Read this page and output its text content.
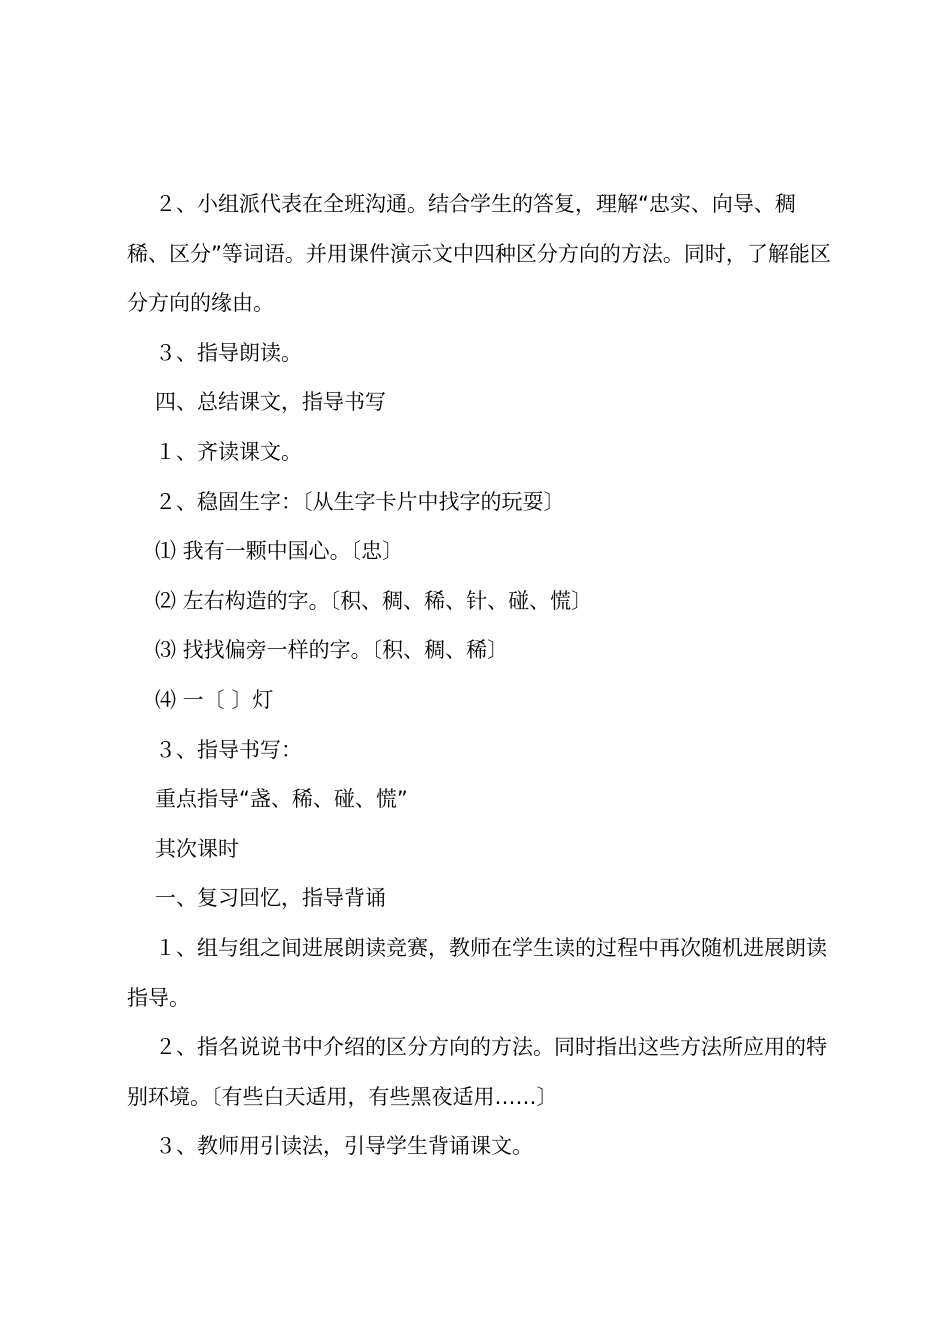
２、小组派代表在全班沟通。结合学生的答复，理解“忠实、向导、稠稀、区分”等词语。并用课件演示文中四种区分方向的方法。同时，了解能区分方向的缘由。

３、指导朗读。

四、总结课文，指导书写

１、齐读课文。

２、稳固生字：〔从生字卡片中找字的玩耍〕

⑴ 我有一颗中国心。〔忠〕

⑵ 左右构造的字。〔积、稠、稀、针、碰、慌〕

⑶ 找找偏旁一样的字。〔积、稠、稀〕

⑷ 一〔 〕灯

３、指导书写：

重点指导“盏、稀、碰、慌”

其次课时

一、复习回忆，指导背诵

１、组与组之间进展朗读竞赛，教师在学生读的过程中再次随机进展朗读指导。

２、指名说说书中介绍的区分方向的方法。同时指出这些方法所应用的特别环境。〔有些白天适用，有些黑夜适用……〕

３、教师用引读法，引导学生背诵课文。
